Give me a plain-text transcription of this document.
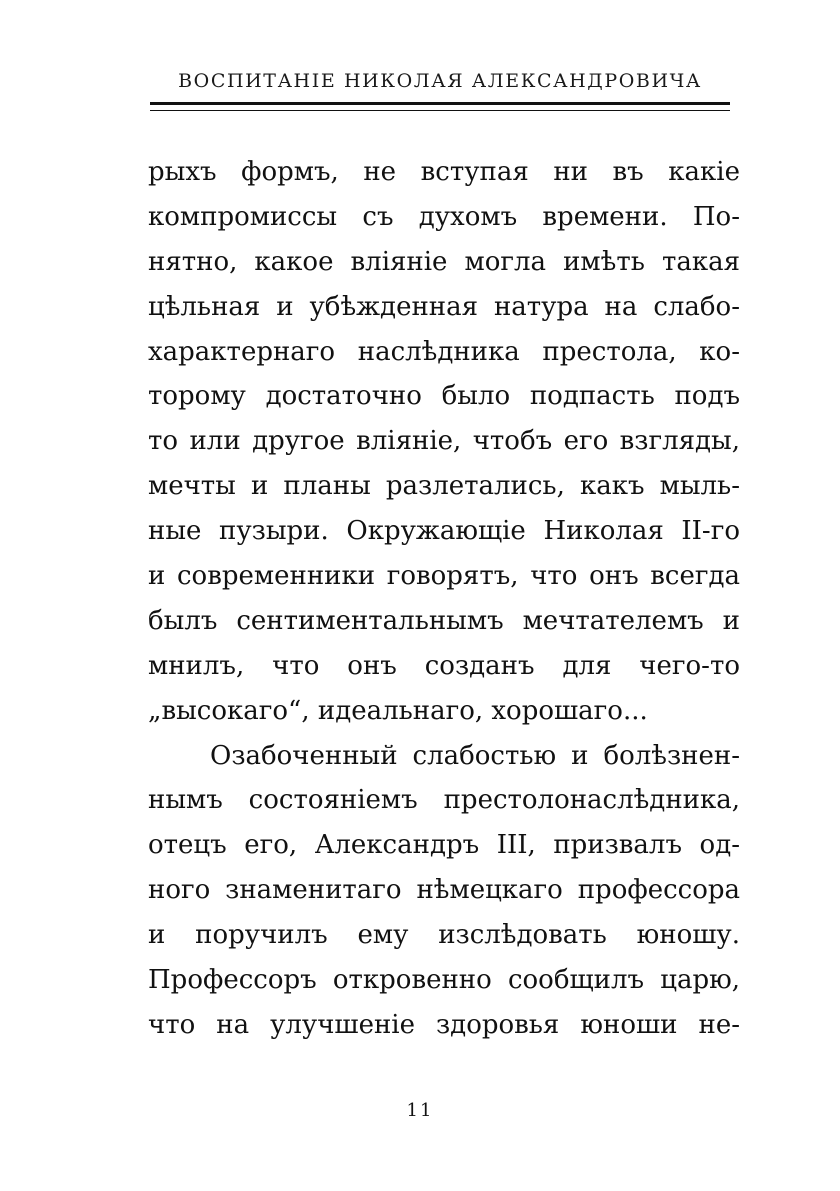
ВОСПИТАНІЕ НИКОЛАЯ АЛЕКСАНДРОВИЧА
рыхъ формъ, не вступая ни въ какіе
компромиссы съ духомъ времени. По-
нятно, какое вліяніе могла имѣть такая
цѣльная и убѣжденная натура на слабо-
характернаго наслѣдника престола, ко-
торому достаточно было подпасть подъ
то или другое вліяніе, чтобъ его взгляды,
мечты и планы разлетались, какъ мыль-
ные пузыри. Окружающіе Николая II-го
и современники говорятъ, что онъ всегда
былъ сентиментальнымъ мечтателемъ и
мнилъ, что онъ созданъ для чего-то
„высокаго“, идеальнаго, хорошаго...
Озабоченный слабостью и болѣзнен-
нымъ состояніемъ престолонаслѣдника,
отецъ его, Александръ III, призвалъ од-
ного знаменитаго нѣмецкаго профессора
и поручилъ ему изслѣдовать юношу.
Профессоръ откровенно сообщилъ царю,
что на улучшеніе здоровья юноши не-
11
